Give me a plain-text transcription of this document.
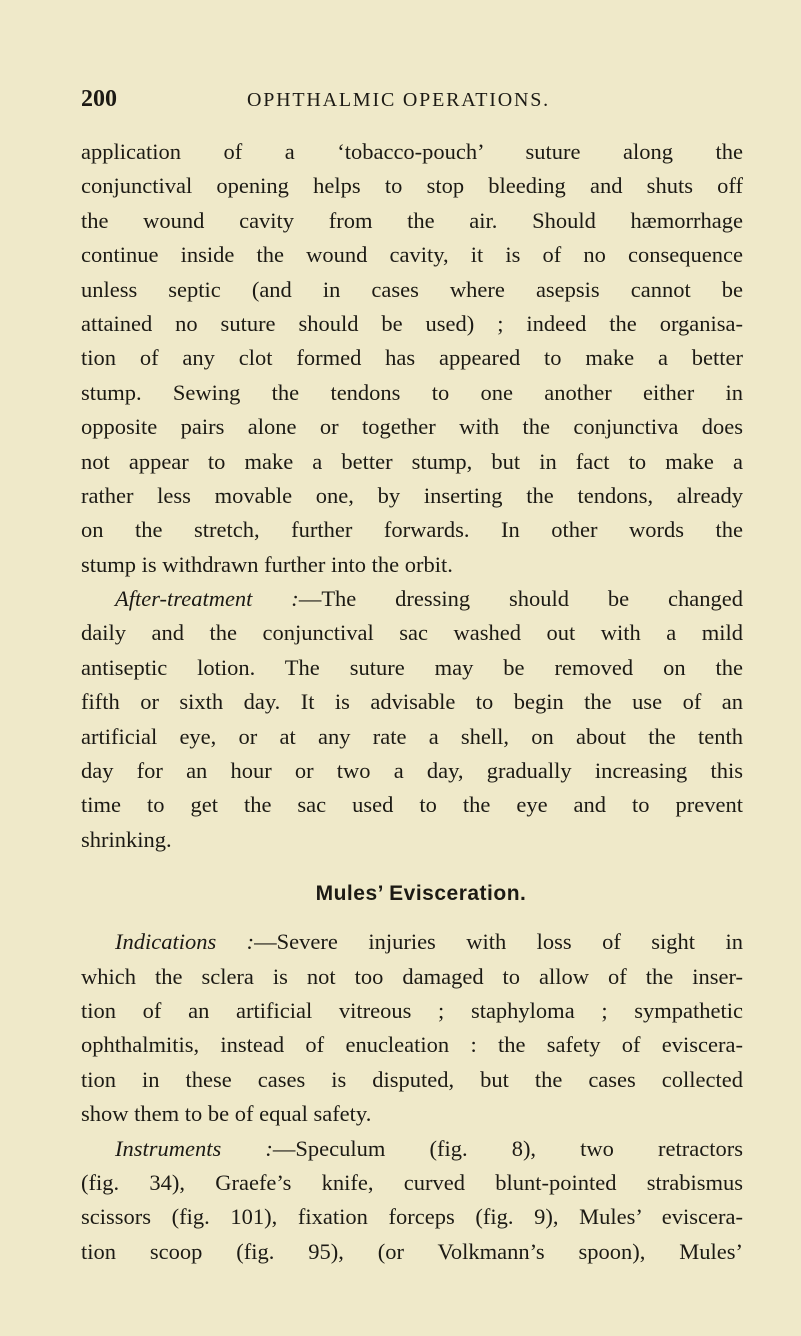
200	OPHTHALMIC OPERATIONS.
application of a ‘tobacco-pouch’ suture along the
conjunctival opening helps to stop bleeding and shuts off
the wound cavity from the air. Should hæmorrhage
continue inside the wound cavity, it is of no consequence
unless septic (and in cases where asepsis cannot be
attained no suture should be used) ; indeed the organisa-
tion of any clot formed has appeared to make a better
stump. Sewing the tendons to one another either in
opposite pairs alone or together with the conjunctiva does
not appear to make a better stump, but in fact to make a
rather less movable one, by inserting the tendons, already
on the stretch, further forwards. In other words the
stump is withdrawn further into the orbit.
After-treatment :—The dressing should be changed
daily and the conjunctival sac washed out with a mild
antiseptic lotion. The suture may be removed on the
fifth or sixth day. It is advisable to begin the use of an
artificial eye, or at any rate a shell, on about the tenth
day for an hour or two a day, gradually increasing this
time to get the sac used to the eye and to prevent
shrinking.
Mules’ Evisceration.
Indications :—Severe injuries with loss of sight in
which the sclera is not too damaged to allow of the inser-
tion of an artificial vitreous ; staphyloma ; sympathetic
ophthalmitis, instead of enucleation : the safety of eviscera-
tion in these cases is disputed, but the cases collected
show them to be of equal safety.
Instruments :—Speculum (fig. 8), two retractors
(fig. 34), Graefe’s knife, curved blunt-pointed strabismus
scissors (fig. 101), fixation forceps (fig. 9), Mules’ eviscera-
tion scoop (fig. 95), (or Volkmann’s spoon), Mules’
